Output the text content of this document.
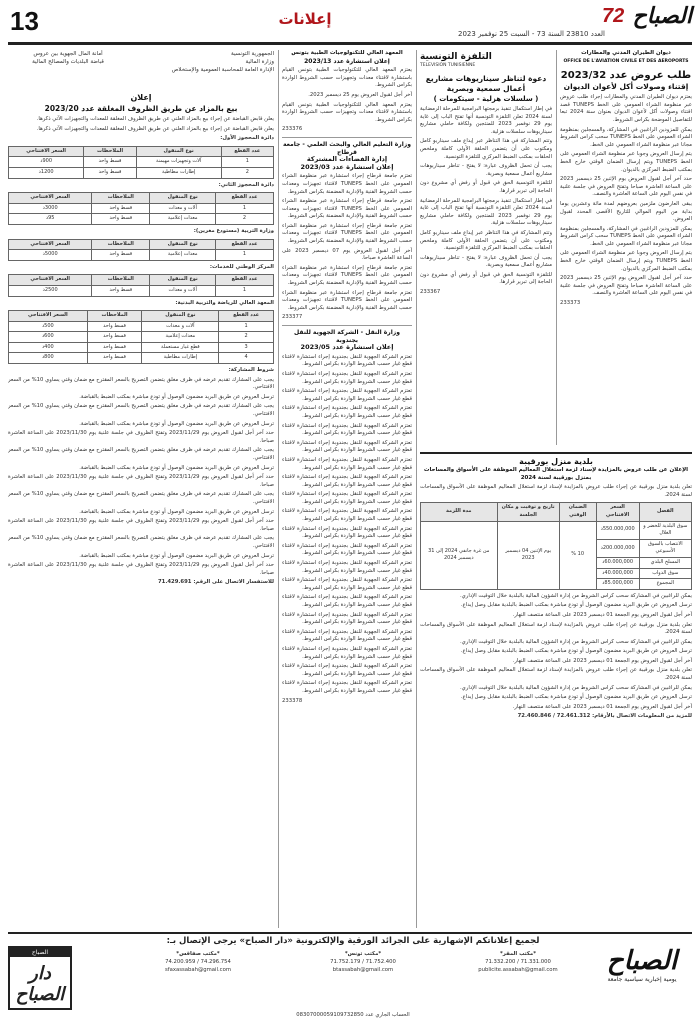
13	إعلانات
العدد 23810 السنة 73 - السبت 25 نوفمبر 2023
72 الصباح
ديوان الطيران المدني والمطارات
OFFICE DE L'AVIATION CIVILE ET DES AEROPORTS
طلب عروض عدد 2023/32
إقتناء وصولات أكل لأعوان الديوان
يعتزم ديوان الطيران المدني والمطارات إجراء طلب عروض عبر منظومة الشراء العمومي على الخط TUNEPS قصد اقتناء وصولات أكل لأعوان الديوان بعنوان سنة 2024 تبعا للتفاصيل الموضحة بكراس الشروط.
يمكن للمزودين الراغبين في المشاركة، والمسجلين بمنظومة الشراء العمومي على الخط TUNEPS سحب كراس الشروط مجانا عبر منظومة الشراء العمومي على الخط.
يتم إرسال العروض وجوبا عبر منظومة الشراء العمومي على الخط TUNEPS ويتم إرسال الضمان الوقتي خارج الخط بمكتب الضبط المركزي بالديوان.
حدد آخر أجل لقبول العروض يوم الإثنين 25 ديسمبر 2023 على الساعة العاشرة صباحا وتفتح العروض في جلسة علنية في نفس اليوم على الساعة العاشرة والنصف.
يبقى العارضون ملزمين بعروضهم لمدة مائة وعشرين يوما بداية من اليوم الموالي للتاريخ الأقصى المحدد لقبول العروض.
يمكن للمزودين الراغبين في المشاركة، والمسجلين بمنظومة الشراء العمومي على الخط TUNEPS سحب كراس الشروط مجانا عبر منظومة الشراء العمومي على الخط.
يتم إرسال العروض وجوبا عبر منظومة الشراء العمومي على الخط TUNEPS ويتم إرسال الضمان الوقتي خارج الخط بمكتب الضبط المركزي بالديوان.
حدد آخر أجل لقبول العروض يوم الإثنين 25 ديسمبر 2023 على الساعة العاشرة صباحا وتفتح العروض في جلسة علنية في نفس اليوم على الساعة العاشرة والنصف.
233373
التلفزة التونسية
TELEVISION TUNISIENNE
دعوة لتناظر سيناريوهات مشاريع
أعمال سمعية وبصرية
( سلسلات هزلية - سيتكومات )
في إطار استكمال تنفيذ برمجتها البرامجية للمرحلة الرمضانية لسنة 2024 تعلن التلفزة التونسية أنها تفتح الباب إلى غاية يوم 29 نوفمبر 2023 للمنتجين ولكافة حاملي مشاريع سيناريوهات سلسلات هزلية.
وتتم المشاركة في هذا التناظر عبر إيداع ملف سيناريو كامل ومكتوب على أن يتضمن الحلقة الأولى كاملة وملخص الحلقات بمكتب الضبط المركزي للتلفزة التونسية.
يجب أن تحمل الظروف عبارة: لا يفتح - تناظر سيناريوهات مشاريع أعمال سمعية وبصرية.
للتلفزة التونسية الحق في قبول أو رفض أي مشروع دون الحاجة إلى تبرير قرارها.
في إطار استكمال تنفيذ برمجتها البرامجية للمرحلة الرمضانية لسنة 2024 تعلن التلفزة التونسية أنها تفتح الباب إلى غاية يوم 29 نوفمبر 2023 للمنتجين ولكافة حاملي مشاريع سيناريوهات سلسلات هزلية.
وتتم المشاركة في هذا التناظر عبر إيداع ملف سيناريو كامل ومكتوب على أن يتضمن الحلقة الأولى كاملة وملخص الحلقات بمكتب الضبط المركزي للتلفزة التونسية.
يجب أن تحمل الظروف عبارة: لا يفتح - تناظر سيناريوهات مشاريع أعمال سمعية وبصرية.
للتلفزة التونسية الحق في قبول أو رفض أي مشروع دون الحاجة إلى تبرير قرارها.
233367
بلدية منزل بورقيبة
الإعلان عن طلب عروض بالمزايدة لإسناد لزمة استغلال المعاليم الموظفة على الأسواق والمساحات بمنزل بورقيبة لسنة 2024
تعلن بلدية منزل بورقيبة عن إجراء طلب عروض بالمزايدة لإسناد لزمة استغلال المعاليم الموظفة على الأسواق والمساحات لسنة 2024.
الفصل	السعر الافتتاحي	الضمان الوقتي	تاريخ و توقيت و مكان الجلسة	مدة اللزمة
سوق البلدية للخضر و الغلال	550.000,000د	10 %	يوم الإثنين 04 ديسمبر 2023	من غرة جانفي 2024 إلى 31 ديسمبر 2024
الانتصاب بالسوق الأسبوعي	200.000,000د			
المسلخ البلدي	60.000,000د			
سوق الدواب	40.000,000د			
المجموع	85.000,000د			
يمكن للراغبين في المشاركة سحب كراس الشروط من إدارة الشؤون المالية بالبلدية خلال التوقيت الإداري.
ترسل العروض عن طريق البريد مضمون الوصول أو تودع مباشرة بمكتب الضبط بالبلدية مقابل وصل إيداع.
آخر أجل لقبول العروض يوم الجمعة 01 ديسمبر 2023 على الساعة منتصف النهار.
تعلن بلدية منزل بورقيبة عن إجراء طلب عروض بالمزايدة لإسناد لزمة استغلال المعاليم الموظفة على الأسواق والمساحات لسنة 2024.
يمكن للراغبين في المشاركة سحب كراس الشروط من إدارة الشؤون المالية بالبلدية خلال التوقيت الإداري.
ترسل العروض عن طريق البريد مضمون الوصول أو تودع مباشرة بمكتب الضبط بالبلدية مقابل وصل إيداع.
آخر أجل لقبول العروض يوم الجمعة 01 ديسمبر 2023 على الساعة منتصف النهار.
تعلن بلدية منزل بورقيبة عن إجراء طلب عروض بالمزايدة لإسناد لزمة استغلال المعاليم الموظفة على الأسواق والمساحات لسنة 2024.
يمكن للراغبين في المشاركة سحب كراس الشروط من إدارة الشؤون المالية بالبلدية خلال التوقيت الإداري.
ترسل العروض عن طريق البريد مضمون الوصول أو تودع مباشرة بمكتب الضبط بالبلدية مقابل وصل إيداع.
آخر أجل لقبول العروض يوم الجمعة 01 ديسمبر 2023 على الساعة منتصف النهار.
للمزيد من المعلومات الاتصال بالأرقام: 72.461.312 / 72.460.846
المعهد العالي للتكنولوجيات الطبية بتونس
إعلان استشارة عدد 2023/13
يعتزم المعهد العالي للتكنولوجيات الطبية بتونس القيام باستشارة لاقتناء معدات وتجهيزات حسب الشروط الواردة بكراس الشروط.
آخر أجل لقبول العروض يوم 25 ديسمبر 2023.
يعتزم المعهد العالي للتكنولوجيات الطبية بتونس القيام باستشارة لاقتناء معدات وتجهيزات حسب الشروط الواردة بكراس الشروط.
233376
وزارة التعليم العالي والبحث العلمي - جامعة قرطاج
إدارة الفضاءات المشتركة
إعلان استشارة عدد 2023/03
تعتزم جامعة قرطاج إجراء استشارة عبر منظومة الشراء العمومي على الخط TUNEPS لاقتناء تجهيزات ومعدات حسب الشروط الفنية والإدارية المضمنة بكراس الشروط.
تعتزم جامعة قرطاج إجراء استشارة عبر منظومة الشراء العمومي على الخط TUNEPS لاقتناء تجهيزات ومعدات حسب الشروط الفنية والإدارية المضمنة بكراس الشروط.
تعتزم جامعة قرطاج إجراء استشارة عبر منظومة الشراء العمومي على الخط TUNEPS لاقتناء تجهيزات ومعدات حسب الشروط الفنية والإدارية المضمنة بكراس الشروط.
آخر أجل لقبول العروض يوم 07 ديسمبر 2023 على الساعة العاشرة صباحا.
تعتزم جامعة قرطاج إجراء استشارة عبر منظومة الشراء العمومي على الخط TUNEPS لاقتناء تجهيزات ومعدات حسب الشروط الفنية والإدارية المضمنة بكراس الشروط.
تعتزم جامعة قرطاج إجراء استشارة عبر منظومة الشراء العمومي على الخط TUNEPS لاقتناء تجهيزات ومعدات حسب الشروط الفنية والإدارية المضمنة بكراس الشروط.
233377
وزارة النقل - الشركة الجهوية للنقل بجندوبة
إعلان استشارة عدد 2023/05
تعتزم الشركة الجهوية للنقل بجندوبة إجراء استشارة لاقتناء قطع غيار حسب الشروط الواردة بكراس الشروط.
تعتزم الشركة الجهوية للنقل بجندوبة إجراء استشارة لاقتناء قطع غيار حسب الشروط الواردة بكراس الشروط.
تعتزم الشركة الجهوية للنقل بجندوبة إجراء استشارة لاقتناء قطع غيار حسب الشروط الواردة بكراس الشروط.
تعتزم الشركة الجهوية للنقل بجندوبة إجراء استشارة لاقتناء قطع غيار حسب الشروط الواردة بكراس الشروط.
تعتزم الشركة الجهوية للنقل بجندوبة إجراء استشارة لاقتناء قطع غيار حسب الشروط الواردة بكراس الشروط.
تعتزم الشركة الجهوية للنقل بجندوبة إجراء استشارة لاقتناء قطع غيار حسب الشروط الواردة بكراس الشروط.
تعتزم الشركة الجهوية للنقل بجندوبة إجراء استشارة لاقتناء قطع غيار حسب الشروط الواردة بكراس الشروط.
تعتزم الشركة الجهوية للنقل بجندوبة إجراء استشارة لاقتناء قطع غيار حسب الشروط الواردة بكراس الشروط.
تعتزم الشركة الجهوية للنقل بجندوبة إجراء استشارة لاقتناء قطع غيار حسب الشروط الواردة بكراس الشروط.
تعتزم الشركة الجهوية للنقل بجندوبة إجراء استشارة لاقتناء قطع غيار حسب الشروط الواردة بكراس الشروط.
تعتزم الشركة الجهوية للنقل بجندوبة إجراء استشارة لاقتناء قطع غيار حسب الشروط الواردة بكراس الشروط.
تعتزم الشركة الجهوية للنقل بجندوبة إجراء استشارة لاقتناء قطع غيار حسب الشروط الواردة بكراس الشروط.
تعتزم الشركة الجهوية للنقل بجندوبة إجراء استشارة لاقتناء قطع غيار حسب الشروط الواردة بكراس الشروط.
تعتزم الشركة الجهوية للنقل بجندوبة إجراء استشارة لاقتناء قطع غيار حسب الشروط الواردة بكراس الشروط.
تعتزم الشركة الجهوية للنقل بجندوبة إجراء استشارة لاقتناء قطع غيار حسب الشروط الواردة بكراس الشروط.
تعتزم الشركة الجهوية للنقل بجندوبة إجراء استشارة لاقتناء قطع غيار حسب الشروط الواردة بكراس الشروط.
تعتزم الشركة الجهوية للنقل بجندوبة إجراء استشارة لاقتناء قطع غيار حسب الشروط الواردة بكراس الشروط.
تعتزم الشركة الجهوية للنقل بجندوبة إجراء استشارة لاقتناء قطع غيار حسب الشروط الواردة بكراس الشروط.
تعتزم الشركة الجهوية للنقل بجندوبة إجراء استشارة لاقتناء قطع غيار حسب الشروط الواردة بكراس الشروط.
تعتزم الشركة الجهوية للنقل بجندوبة إجراء استشارة لاقتناء قطع غيار حسب الشروط الواردة بكراس الشروط.
233378
الجمهورية التونسية
وزارة المالية
الإدارة العامة للمحاسبة العمومية والإستخلاص
أمانة المال الجهوية بين عروس
قباضة البلديات والمصالح المالية
إعلان
بيع بالمزاد عن طريق الظروف المغلقة عدد 2023/20
يعلن قابض القباضة عن إجراء بيع بالمزاد العلني عن طريق الظروف المغلقة للمعدات والتجهيزات الآتي ذكرها.
يعلن قابض القباضة عن إجراء بيع بالمزاد العلني عن طريق الظروف المغلقة للمعدات والتجهيزات الآتي ذكرها.
دائرة المحجوز الأول:
عدد القطع	نوع المنقول	الملاحظات	السعر الافتتاحي
1	آلات وتجهيزات مهيمنة	قسط واحد	900د
2	إطارات مطاطية	قسط واحد	1200د
دائرة المحجوز الثاني:
عدد القطع	نوع المنقول	الملاحظات	السعر الافتتاحي
1	آلات و معدات	قسط واحد	3000د
2	معدات إعلامية	قسط واحد	95د
وزارة التربية (مستودع مغرين):
عدد القطع	نوع المنقول	الملاحظات	السعر الافتتاحي
1	معدات إعلامية	قسط واحد	5000د
المركز الوطني للخدمات:
عدد القطع	نوع المنقول	الملاحظات	السعر الافتتاحي
1	آلات و معدات	قسط واحد	2500د
المعهد العالي للرياضة والتربية البدنية:
عدد القطع	نوع المنقول	الملاحظات	السعر الافتتاحي
1	آلات و معدات	قسط واحد	500د
2	معدات إعلامية	قسط واحد	600د
3	قطع غيار مستعملة	قسط واحد	400د
4	إطارات مطاطية	قسط واحد	800د
شروط المشاركة:
يجب على المشارك تقديم عرضه في ظرف مغلق يتضمن التصريح بالسعر المقترح مع ضمان وقتي يساوي 10% من السعر الافتتاحي.
ترسل العروض عن طريق البريد مضمون الوصول أو تودع مباشرة بمكتب الضبط بالقباضة.
يجب على المشارك تقديم عرضه في ظرف مغلق يتضمن التصريح بالسعر المقترح مع ضمان وقتي يساوي 10% من السعر الافتتاحي.
ترسل العروض عن طريق البريد مضمون الوصول أو تودع مباشرة بمكتب الضبط بالقباضة.
حدد آخر أجل لقبول العروض يوم 2023/11/29 وتفتح الظروف في جلسة علنية يوم 2023/11/30 على الساعة العاشرة صباحا.
يجب على المشارك تقديم عرضه في ظرف مغلق يتضمن التصريح بالسعر المقترح مع ضمان وقتي يساوي 10% من السعر الافتتاحي.
ترسل العروض عن طريق البريد مضمون الوصول أو تودع مباشرة بمكتب الضبط بالقباضة.
حدد آخر أجل لقبول العروض يوم 2023/11/29 وتفتح الظروف في جلسة علنية يوم 2023/11/30 على الساعة العاشرة صباحا.
يجب على المشارك تقديم عرضه في ظرف مغلق يتضمن التصريح بالسعر المقترح مع ضمان وقتي يساوي 10% من السعر الافتتاحي.
ترسل العروض عن طريق البريد مضمون الوصول أو تودع مباشرة بمكتب الضبط بالقباضة.
حدد آخر أجل لقبول العروض يوم 2023/11/29 وتفتح الظروف في جلسة علنية يوم 2023/11/30 على الساعة العاشرة صباحا.
يجب على المشارك تقديم عرضه في ظرف مغلق يتضمن التصريح بالسعر المقترح مع ضمان وقتي يساوي 10% من السعر الافتتاحي.
ترسل العروض عن طريق البريد مضمون الوصول أو تودع مباشرة بمكتب الضبط بالقباضة.
حدد آخر أجل لقبول العروض يوم 2023/11/29 وتفتح الظروف في جلسة علنية يوم 2023/11/30 على الساعة العاشرة صباحا.
للاستفسار الاتصال على الرقم: 71.429.691
لجميع إعلاناتكم الإشهارية على الجرائد الورقية والإلكترونية «دار الصباح» يرجى الإتصال بـ:
الصباح
يومية إخبارية سياسية جامعة
*مكتب المقر*
71.331.000 / 71.332.200
publicite.assabah@gmail.com
*مكتب تونس*
71.752.400 / 71.752.179
btassabah@gmail.com
*مكتب صفاقس*
74.296.754 / 74.200.959
sfaxassabah@gmail.com
الصباح
دار الصباح
الحساب الجاري عدد 08307000059109732850
